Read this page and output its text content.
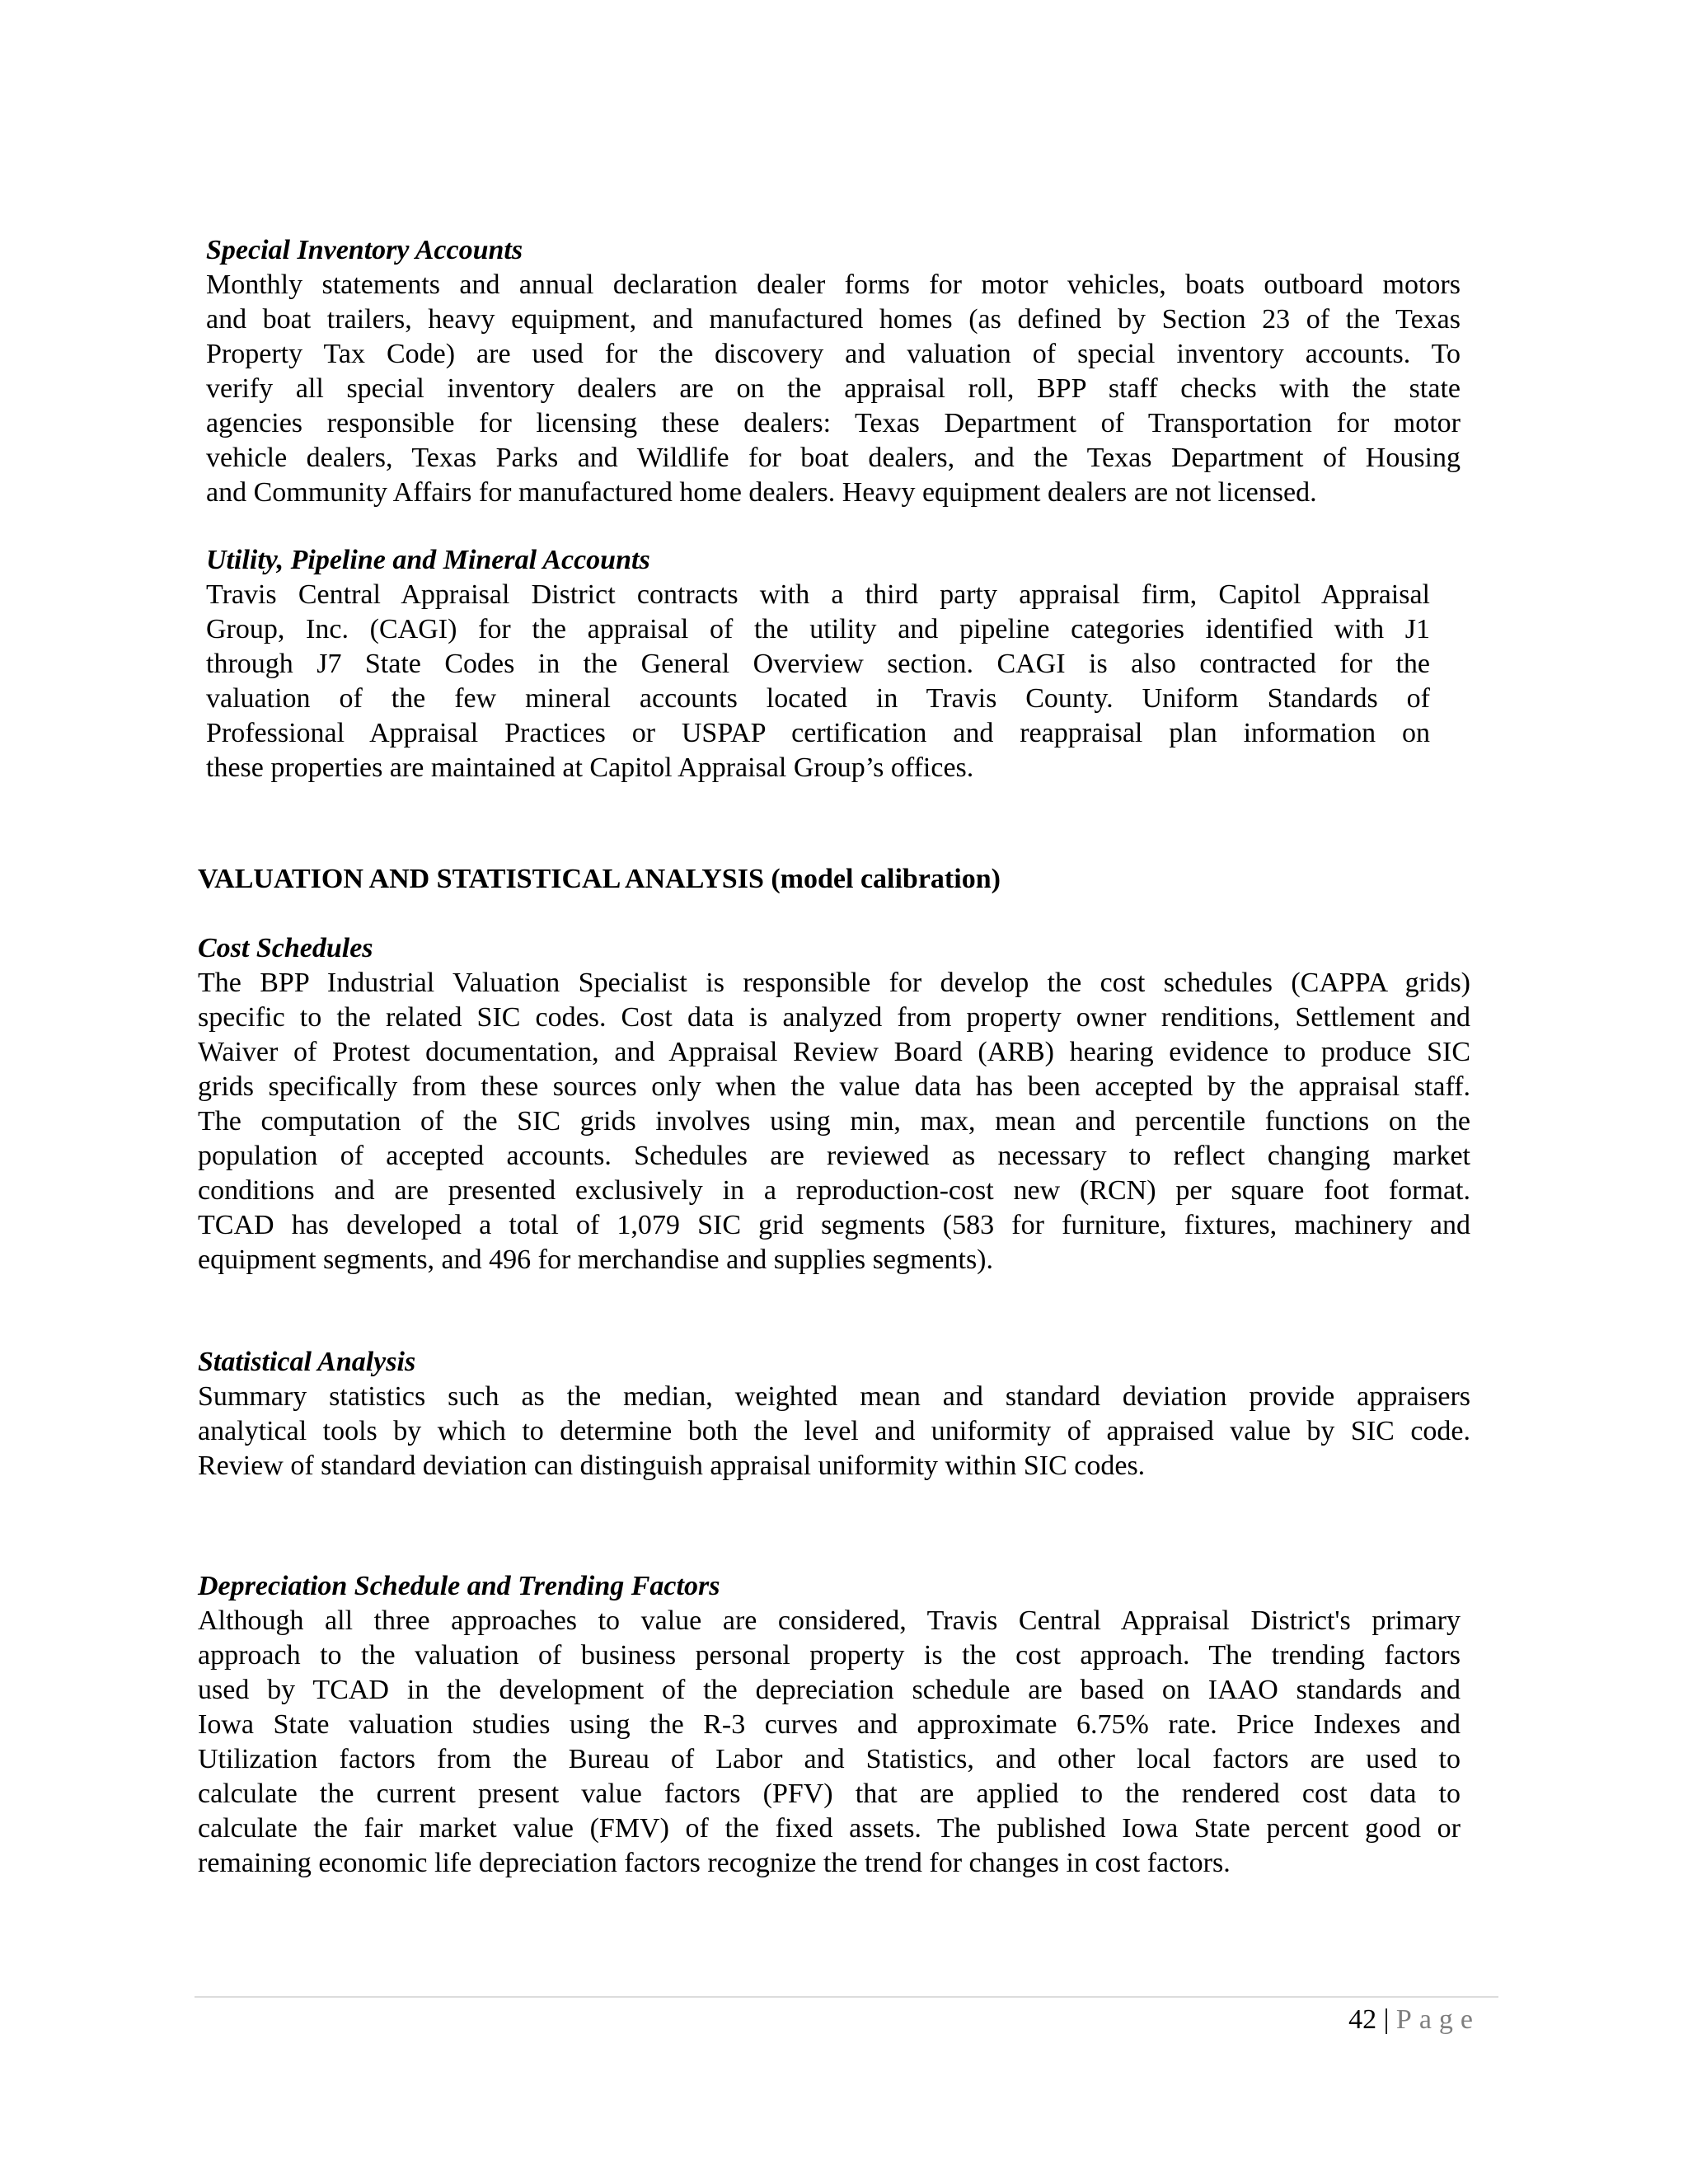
Special Inventory Accounts

Monthly statements and annual declaration dealer forms for motor vehicles, boats outboard motors
and boat trailers, heavy equipment, and manufactured homes (as defined by Section 23 of the Texas
Property Tax Code) are used for the discovery and valuation of special inventory accounts. To
verify all special inventory dealers are on the appraisal roll, BPP staff checks with the state
agencies responsible for licensing these dealers: Texas Department of Transportation for motor
vehicle dealers, Texas Parks and Wildlife for boat dealers, and the Texas Department of Housing
and Community Affairs for manufactured home dealers. Heavy equipment dealers are not licensed.

Utility, Pipeline and Mineral Accounts

Travis Central Appraisal District contracts with a third party appraisal firm, Capitol Appraisal
Group, Inc. (CAGI) for the appraisal of the utility and pipeline categories identified with J1
through J7 State Codes in the General Overview section. CAGI is also contracted for the
valuation of the few mineral accounts located in Travis County. Uniform Standards of
Professional Appraisal Practices or USPAP certification and reappraisal plan information on
these properties are maintained at Capitol Appraisal Group’s offices.

VALUATION AND STATISTICAL ANALYSIS (model calibration)

Cost Schedules

The BPP Industrial Valuation Specialist is responsible for develop the cost schedules (CAPPA grids)
specific to the related SIC codes. Cost data is analyzed from property owner renditions, Settlement and
Waiver of Protest documentation, and Appraisal Review Board (ARB) hearing evidence to produce SIC
grids specifically from these sources only when the value data has been accepted by the appraisal staff.
The computation of the SIC grids involves using min, max, mean and percentile functions on the
population of accepted accounts. Schedules are reviewed as necessary to reflect changing market
conditions and are presented exclusively in a reproduction-cost new (RCN) per square foot format.
TCAD has developed a total of 1,079 SIC grid segments (583 for furniture, fixtures, machinery and
equipment segments, and 496 for merchandise and supplies segments).

Statistical Analysis

Summary statistics such as the median, weighted mean and standard deviation provide appraisers
analytical tools by which to determine both the level and uniformity of appraised value by SIC code.
Review of standard deviation can distinguish appraisal uniformity within SIC codes.

Depreciation Schedule and Trending Factors

Although all three approaches to value are considered, Travis Central Appraisal District's primary
approach to the valuation of business personal property is the cost approach. The trending factors
used by TCAD in the development of the depreciation schedule are based on IAAO standards and
Iowa State valuation studies using the R-3 curves and approximate 6.75% rate. Price Indexes and
Utilization factors from the Bureau of Labor and Statistics, and other local factors are used to
calculate the current present value factors (PFV) that are applied to the rendered cost data to
calculate the fair market value (FMV) of the fixed assets. The published Iowa State percent good or
remaining economic life depreciation factors recognize the trend for changes in cost factors.
42 | Page
